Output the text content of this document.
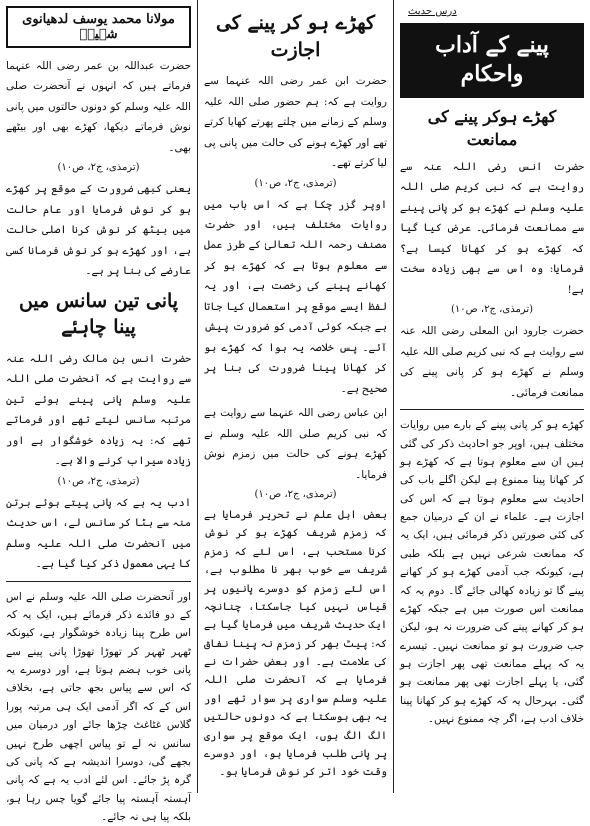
درس حدیث
پینے کے آداب واحکام
کھڑے ہوکر پینے کی ممانعت

حضرت انس رضی اللہ عنہ سے روایت ہے کہ نبی کریم صلی اللہ علیہ وسلم نے کھڑے ہو کر پانی پینے سے ممانعت فرمائی۔ عرض کیا گیا کہ کھڑے ہو کر کھانا کیسا ہے؟ فرمایا: وہ اس سے بھی زیادہ سخت ہے!

(ترمذی، ج۲، ص۱۰)

حضرت جارود ابن المعلی رضی اللہ عنہ سے روایت ہے کہ نبی کریم صلی اللہ علیہ وسلم نے کھڑے ہو کر پانی پینے کی ممانعت فرمائی۔

کھڑے ہو کر پانی پینے کے بارے میں روایات مختلف ہیں، اوپر جو احادیث ذکر کی گئی ہیں ان سے معلوم ہوتا ہے کہ کھڑے ہو کر کھانا پینا ممنوع ہے لیکن اگلے باب کی احادیث سے معلوم ہوتا ہے کہ اس کی اجازت ہے۔ علماء نے ان کے درمیان جمع کی کئی صورتیں ذکر فرمائی ہیں، ایک یہ کہ ممانعت شرعی نہیں ہے بلکہ طبی ہے، کیونکہ جب آدمی کھڑے ہو کر کھانے پینے گا تو زیادہ کھالی جائے گا۔ دوم یہ کہ ممانعت اس صورت میں ہے جبکہ کھڑے ہو کر کھانے پینے کی ضرورت نہ ہو، لیکن جب ضرورت ہو تو ممانعت نہیں۔ تیسرے یہ کہ پہلے ممانعت تھی پھر اجازت ہو گئی، یا پہلے اجازت تھی پھر ممانعت ہو گئی۔ بہرحال یہ کہ کھڑے ہو کر کھانا پینا خلاف ادب ہے، اگر چہ ممنوع نہیں۔

کھڑے ہو کر پینے کی اجازت

حضرت ابن عمر رضی اللہ عنہما سے روایت ہے کہ: ہم حضور صلی اللہ علیہ وسلم کے زمانے میں چلتے پھرتے کھایا کرتے تھے اور کھڑے ہونے کی حالت میں پانی پی لیا کرتے تھے۔

(ترمذی، ج۲، ص۱۰)

اوپر گزر چکا ہے کہ اس باب میں روایات مختلف ہیں، اور حضرت مصنف رحمہ اللہ تعالیٰ کے طرز عمل سے معلوم ہوتا ہے کہ کھڑے ہو کر کھانے پینے کی رخصت ہے، اور یہ لفظ ایسے موقع پر استعمال کیا جاتا ہے جبکہ کوئی آدمی کو ضرورت پیش آئے۔ پس خلاصہ یہ ہوا کہ کھڑے ہو کر کھانا پینا ضرورت کی بنا پر صحیح ہے۔

ابن عباس رضی اللہ عنہما سے روایت ہے کہ نبی کریم صلی اللہ علیہ وسلم نے کھڑے ہونے کی حالت میں زمزم نوش فرمایا۔

(ترمذی، ج۲، ص۱۰)

بعض اہل علم نے تحریر فرمایا ہے کہ زمزم شریف کھڑے ہو کر نوش کرنا مستحب ہے، اس لئے کہ زمزم شریف سے خوب بھر نا مطلوب ہے، اس لئے زمزم کو دوسرے پانیوں پر قیاس نہیں کیا جاسکتا، چنانچہ ایک حدیث شریف میں فرمایا گیا ہے کہ: پیٹ بھر کر زمزم نہ پینا نفاق کی علامت ہے۔ اور بعض حضرات نے فرمایا ہے کہ آنحضرت صلی اللہ علیہ وسلم سواری پر سوار تھے اور یہ بھی ہوسکتا ہے کہ دونوں حالتیں الگ الگ ہوں، ایک موقع پر سواری پر پانی طلب فرمایا ہو، اور دوسرے وقت خود اتر کر نوش فرمایا ہو۔

مولانا محمد یوسف لدھیانوی شہیدؒ

حضرت عبداللہ بن عمر رضی اللہ عنہما فرماتے ہیں کہ انہوں نے آنحضرت صلی اللہ علیہ وسلم کو دونوں حالتوں میں پانی نوش فرماتے دیکھا، کھڑے بھی اور بیٹھے بھی۔

(ترمذی، ج۲، ص۱۰)

یعنی کبھی ضرورت کے موقع پر کھڑے ہو کر نوش فرمایا اور عام حالت میں بیٹھ کر نوش کرنا اصلی حالت ہے، اور کھڑے ہو کر نوش فرمانا کسی عارضے کی بنا پر ہے۔

پانی تین سانس میں پینا چاہئے

حضرت انس بن مالک رضی اللہ عنہ سے روایت ہے کہ آنحضرت صلی اللہ علیہ وسلم پانی پینے ہوئے تین مرتبہ سانس لیتے تھے اور فرماتے تھے کہ: یہ زیادہ خوشگوار ہے اور زیادہ سیراب کرنے والا ہے۔

(ترمذی، ج۲، ص۱۰)

ادب یہ ہے کہ پانی پیتے ہوئے برتن منہ سے ہٹا کر سانس لے، اس حدیث میں آنحضرت صلی اللہ علیہ وسلم کا یہی معمول ذکر کیا گیا ہے۔

اور آنحضرت صلی اللہ علیہ وسلم نے اس کے دو فائدے ذکر فرمائے ہیں، ایک یہ کہ اس طرح پینا زیادہ خوشگوار ہے، کیونکہ ٹھہر ٹھہر کر تھوڑا تھوڑا پانی پینے سے پانی خوب ہضم ہوتا ہے، اور دوسرے یہ کہ اس سے پیاس بجھ جاتی ہے، بخلاف اس کے کہ اگر آدمی ایک ہی مرتبہ پورا گلاس غٹاغٹ چڑھا جائے اور درمیان میں سانس نہ لے تو پیاس اچھی طرح نہیں بجھے گی، دوسرا اندیشہ ہے کہ پانی کی گرہ پڑ جائے۔ اس لئے ادب یہ ہے کہ پانی آہستہ آہستہ پیا جائے گویا چس رہا ہو، بلکہ پیا ہی نہ جائے۔
